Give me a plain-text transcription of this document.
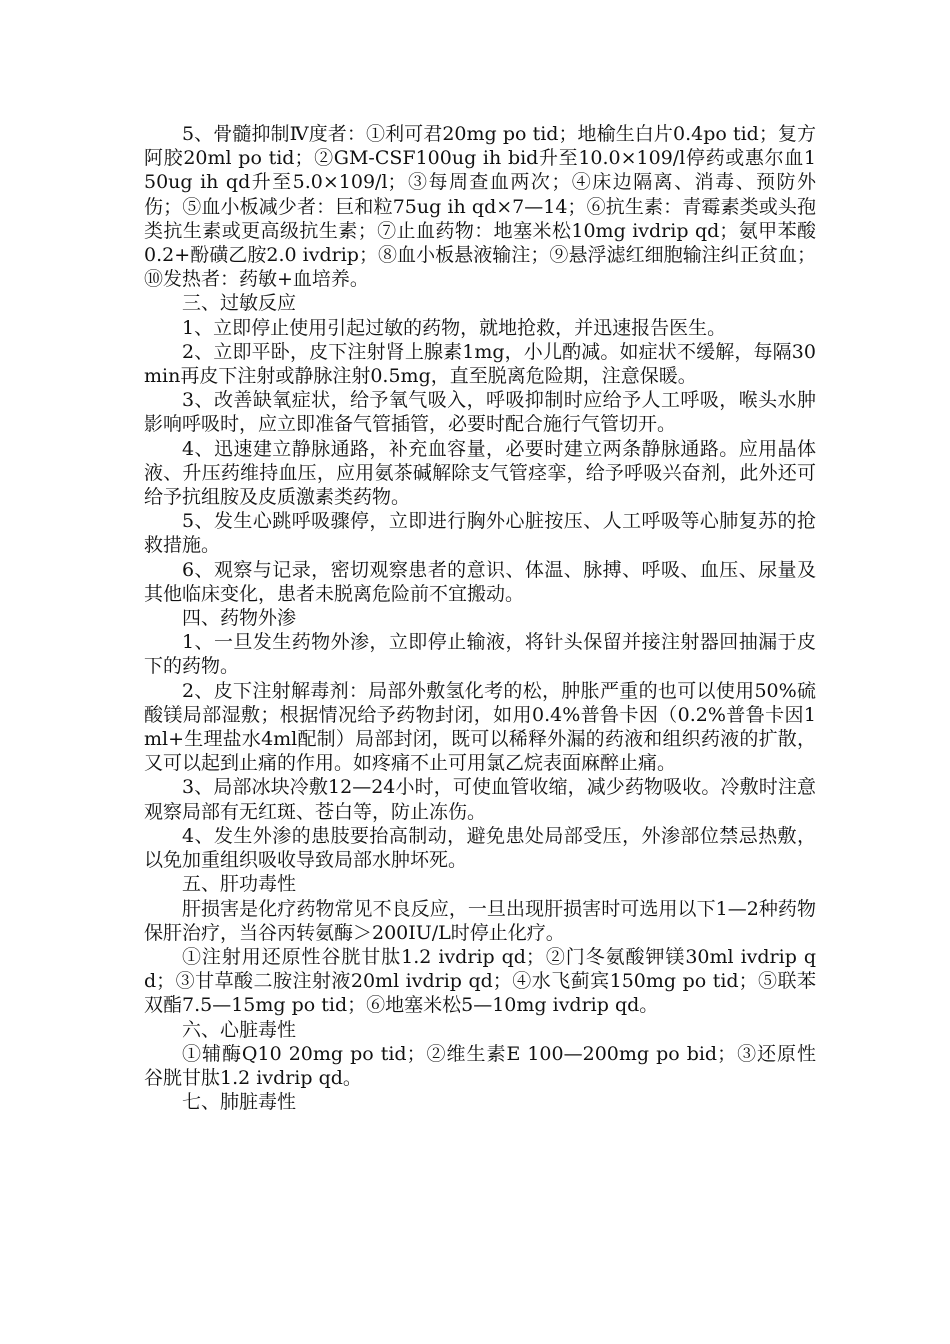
5、骨髓抑制Ⅳ度者：①利可君20mg po tid；地榆生白片0.4po tid；复方阿胶20ml po tid；②GM-CSF100ug ih bid升至10.0×109/l停药或惠尔血150ug ih qd升至5.0×109/l；③每周查血两次；④床边隔离、消毒、预防外伤；⑤血小板减少者：巨和粒75ug ih qd×7—14；⑥抗生素：青霉素类或头孢类抗生素或更高级抗生素；⑦止血药物：地塞米松10mg ivdrip qd；氨甲苯酸0.2+酚磺乙胺2.0 ivdrip；⑧血小板悬液输注；⑨悬浮滤红细胞输注纠正贫血；⑩发热者：药敏+血培养。

三、过敏反应

1、立即停止使用引起过敏的药物，就地抢救，并迅速报告医生。

2、立即平卧，皮下注射肾上腺素1mg，小儿酌减。如症状不缓解，每隔30min再皮下注射或静脉注射0.5mg，直至脱离危险期，注意保暖。

3、改善缺氧症状，给予氧气吸入，呼吸抑制时应给予人工呼吸，喉头水肿影响呼吸时，应立即准备气管插管，必要时配合施行气管切开。

4、迅速建立静脉通路，补充血容量，必要时建立两条静脉通路。应用晶体液、升压药维持血压，应用氨茶碱解除支气管痉挛，给予呼吸兴奋剂，此外还可给予抗组胺及皮质激素类药物。

5、发生心跳呼吸骤停，立即进行胸外心脏按压、人工呼吸等心肺复苏的抢救措施。

6、观察与记录，密切观察患者的意识、体温、脉搏、呼吸、血压、尿量及其他临床变化，患者未脱离危险前不宜搬动。

四、药物外渗

1、一旦发生药物外渗，立即停止输液，将针头保留并接注射器回抽漏于皮下的药物。

2、皮下注射解毒剂：局部外敷氢化考的松，肿胀严重的也可以使用50%硫酸镁局部湿敷；根据情况给予药物封闭，如用0.4%普鲁卡因（0.2%普鲁卡因1ml+生理盐水4ml配制）局部封闭，既可以稀释外漏的药液和组织药液的扩散，又可以起到止痛的作用。如疼痛不止可用氯乙烷表面麻醉止痛。

3、局部冰块冷敷12—24小时，可使血管收缩，减少药物吸收。冷敷时注意观察局部有无红斑、苍白等，防止冻伤。

4、发生外渗的患肢要抬高制动，避免患处局部受压，外渗部位禁忌热敷，以免加重组织吸收导致局部水肿坏死。

五、肝功毒性

肝损害是化疗药物常见不良反应，一旦出现肝损害时可选用以下1—2种药物保肝治疗，当谷丙转氨酶＞200IU/L时停止化疗。

①注射用还原性谷胱甘肽1.2 ivdrip qd；②门冬氨酸钾镁30ml ivdrip qd；③甘草酸二胺注射液20ml ivdrip qd；④水飞蓟宾150mg po tid；⑤联苯双酯7.5—15mg po tid；⑥地塞米松5—10mg ivdrip qd。

六、心脏毒性

①辅酶Q10 20mg po tid；②维生素E 100—200mg po bid；③还原性谷胱甘肽1.2 ivdrip qd。

七、肺脏毒性
